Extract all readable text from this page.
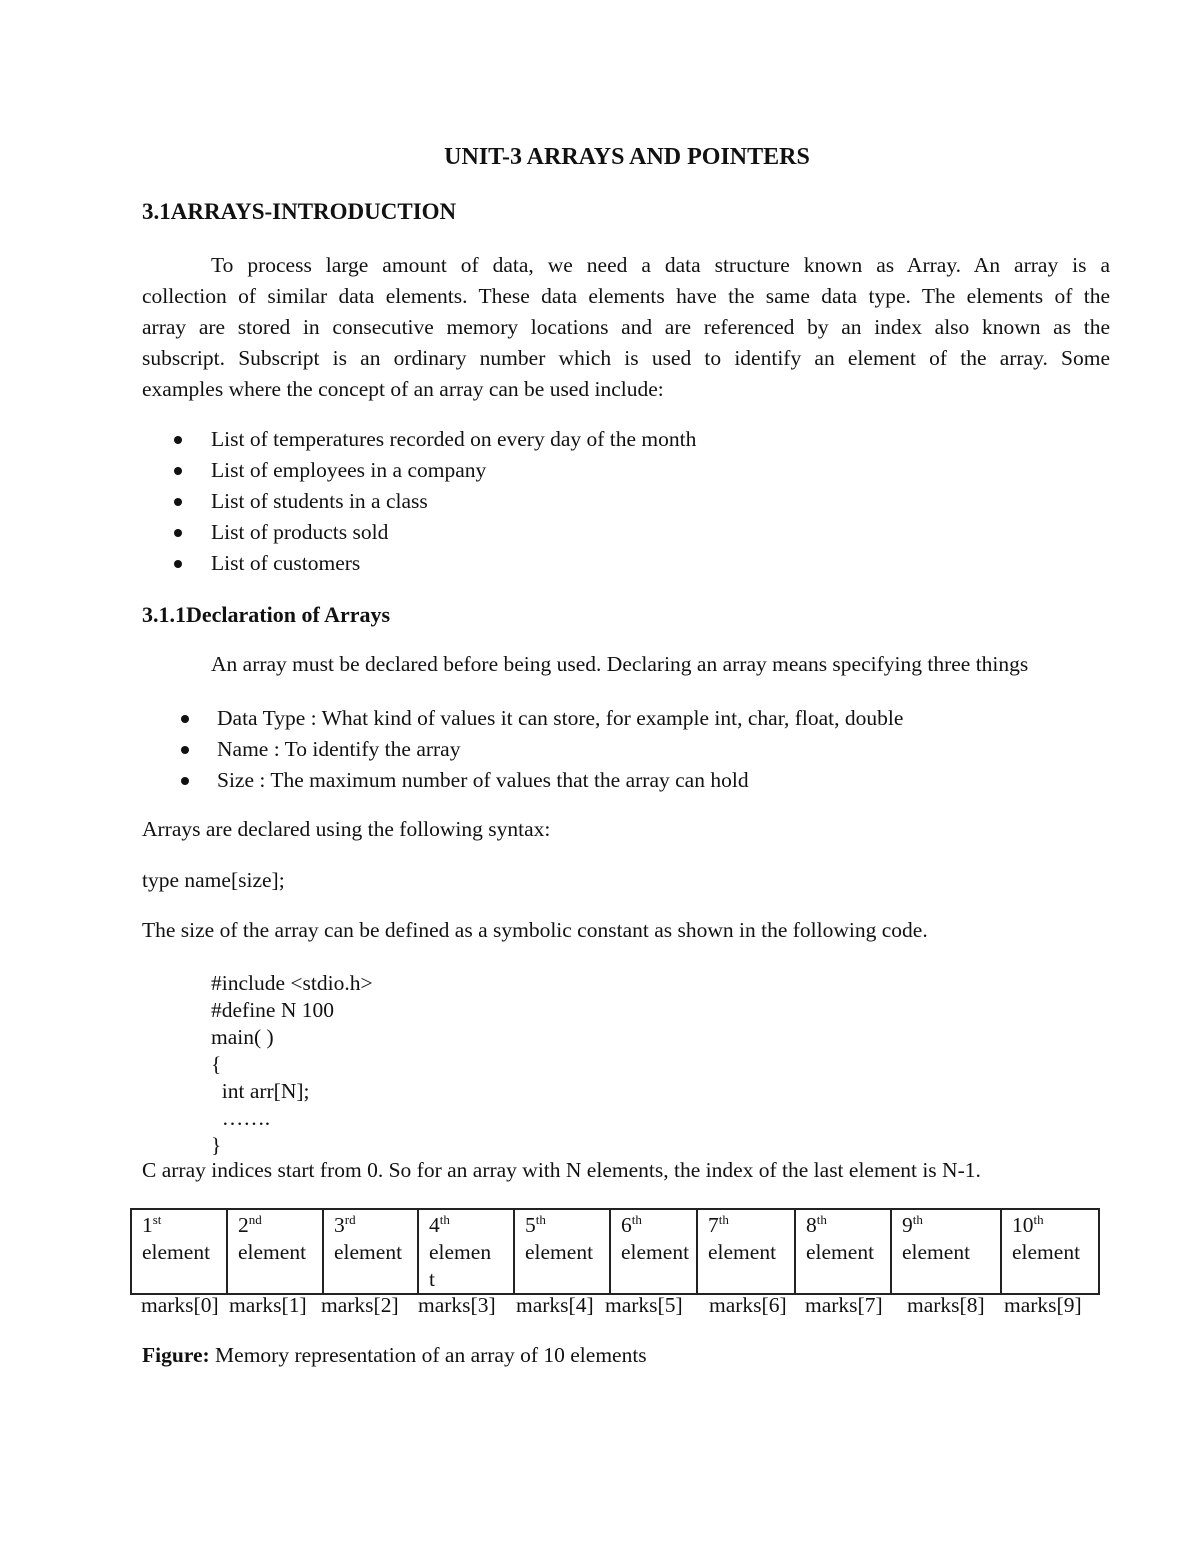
UNIT-3 ARRAYS AND POINTERS
3.1ARRAYS-INTRODUCTION
To process large amount of data, we need a data structure known as Array. An array is a
collection of similar data elements. These data elements have the same data type. The elements of the
array are stored in consecutive memory locations and are referenced by an index also known as the
subscript. Subscript is an ordinary number which is used to identify an element of the array. Some
examples where the concept of an array can be used include:
List of temperatures recorded on every day of the month
List of employees in a company
List of students in a class
List of products sold
List of customers
3.1.1Declaration of Arrays
An array must be declared before being used. Declaring an array means specifying three things
Data Type : What kind of values it can store, for example int, char, float, double
Name : To identify the array
Size : The maximum number of values that the array can hold
Arrays are declared using the following syntax:
type name[size];
The size of the array can be defined as a symbolic constant as shown in the following code.
#include <stdio.h>
#define N 100
main( )
{
int arr[N];
…….
}
C array indices start from 0. So for an array with N elements, the index of the last element is N-1.
1st
element	2nd
element	3rd
element	4th
elemen
t	5th
element	6th
element	7th
element	8th
element	9th
element	10th
element
marks[0] marks[1] marks[2] marks[3] marks[4] marks[5] marks[6] marks[7] marks[8] marks[9]
Figure: Memory representation of an array of 10 elements
